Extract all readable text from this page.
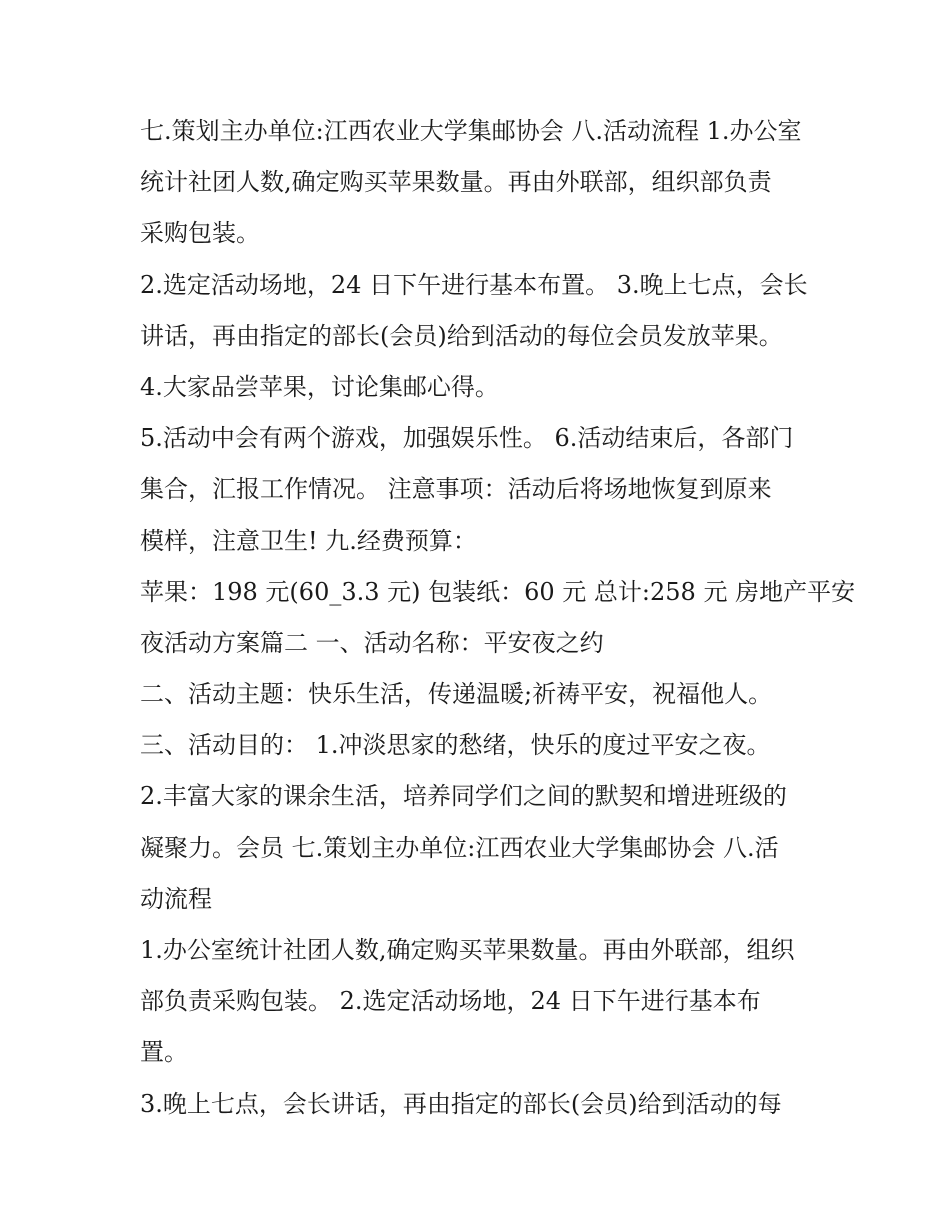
七.策划主办单位:江西农业大学集邮协会 八.活动流程 1.办公室

统计社团人数,确定购买苹果数量。再由外联部，组织部负责

采购包装。

2.选定活动场地，24 日下午进行基本布置。 3.晚上七点，会长

讲话，再由指定的部长(会员)给到活动的每位会员发放苹果。

4.大家品尝苹果，讨论集邮心得。

5.活动中会有两个游戏，加强娱乐性。 6.活动结束后，各部门

集合，汇报工作情况。 注意事项：活动后将场地恢复到原来

模样，注意卫生! 九.经费预算：

苹果：198 元(60_3.3 元) 包装纸：60 元 总计:258 元 房地产平安

夜活动方案篇二 一、活动名称：平安夜之约

二、活动主题：快乐生活，传递温暖;祈祷平安，祝福他人。

三、活动目的： 1.冲淡思家的愁绪，快乐的度过平安之夜。

2.丰富大家的课余生活，培养同学们之间的默契和增进班级的

凝聚力。会员 七.策划主办单位:江西农业大学集邮协会 八.活

动流程

1.办公室统计社团人数,确定购买苹果数量。再由外联部，组织

部负责采购包装。 2.选定活动场地，24 日下午进行基本布

置。

3.晚上七点，会长讲话，再由指定的部长(会员)给到活动的每
